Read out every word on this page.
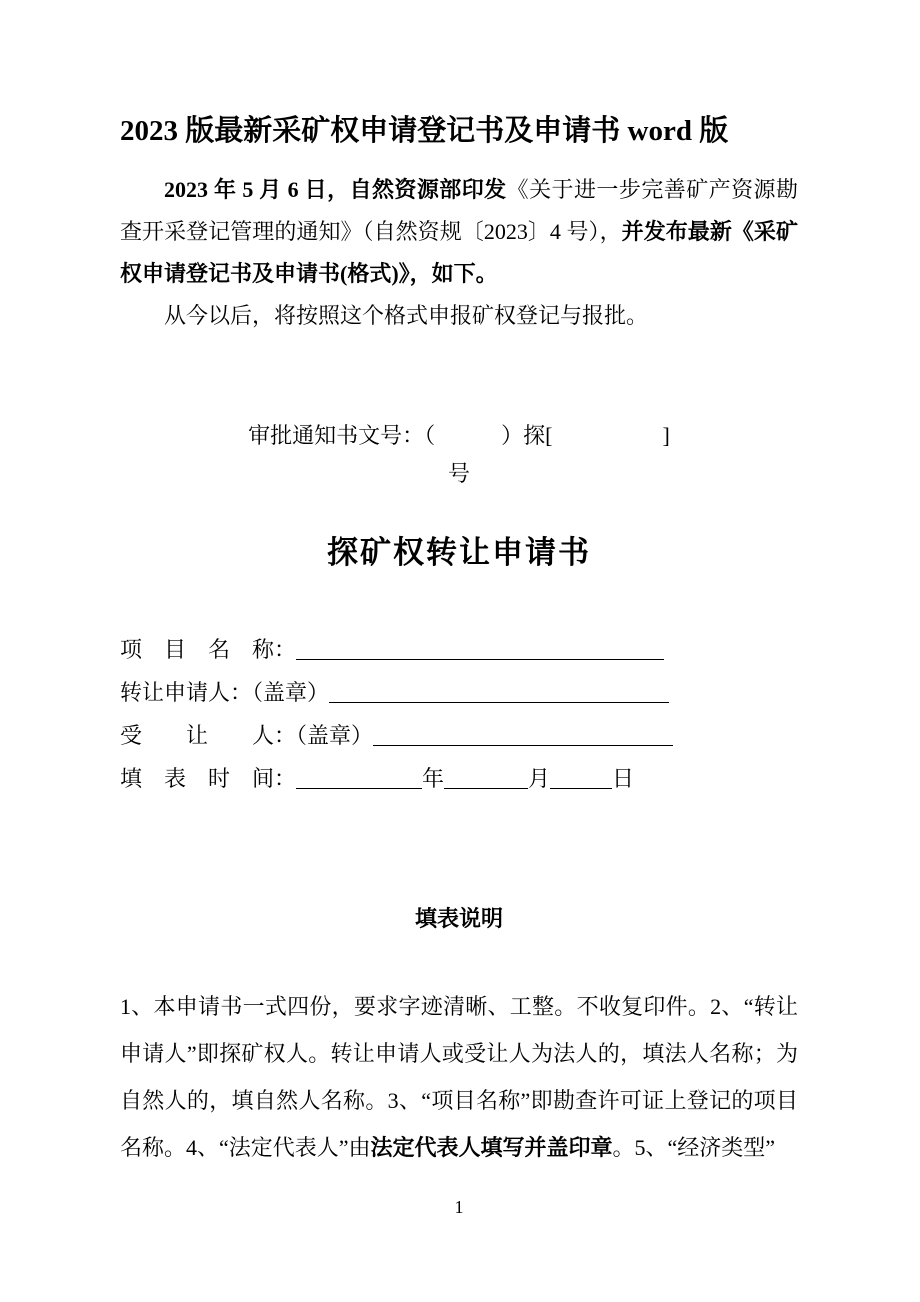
2023 版最新采矿权申请登记书及申请书 word 版

2023 年 5 月 6 日，自然资源部印发《关于进一步完善矿产资源勘查开采登记管理的通知》（自然资规〔2023〕4 号），并发布最新《采矿权申请登记书及申请书(格式)》，如下。

从今以后，将按照这个格式申报矿权登记与报批。

审批通知书文号：（　　　）探[　　　　　]
号
探矿权转让申请书
项　目　名　称：
转让申请人：（盖章）
受　　让　　人：（盖章）
填　表　时　间：	年	月	日
填表说明

1、本申请书一式四份，要求字迹清晰、工整。不收复印件。2、“转让申请人”即探矿权人。转让申请人或受让人为法人的，填法人名称；为自然人的，填自然人名称。3、“项目名称”即勘查许可证上登记的项目名称。4、“法定代表人”由法定代表人填写并盖印章。5、“经济类型”

1
